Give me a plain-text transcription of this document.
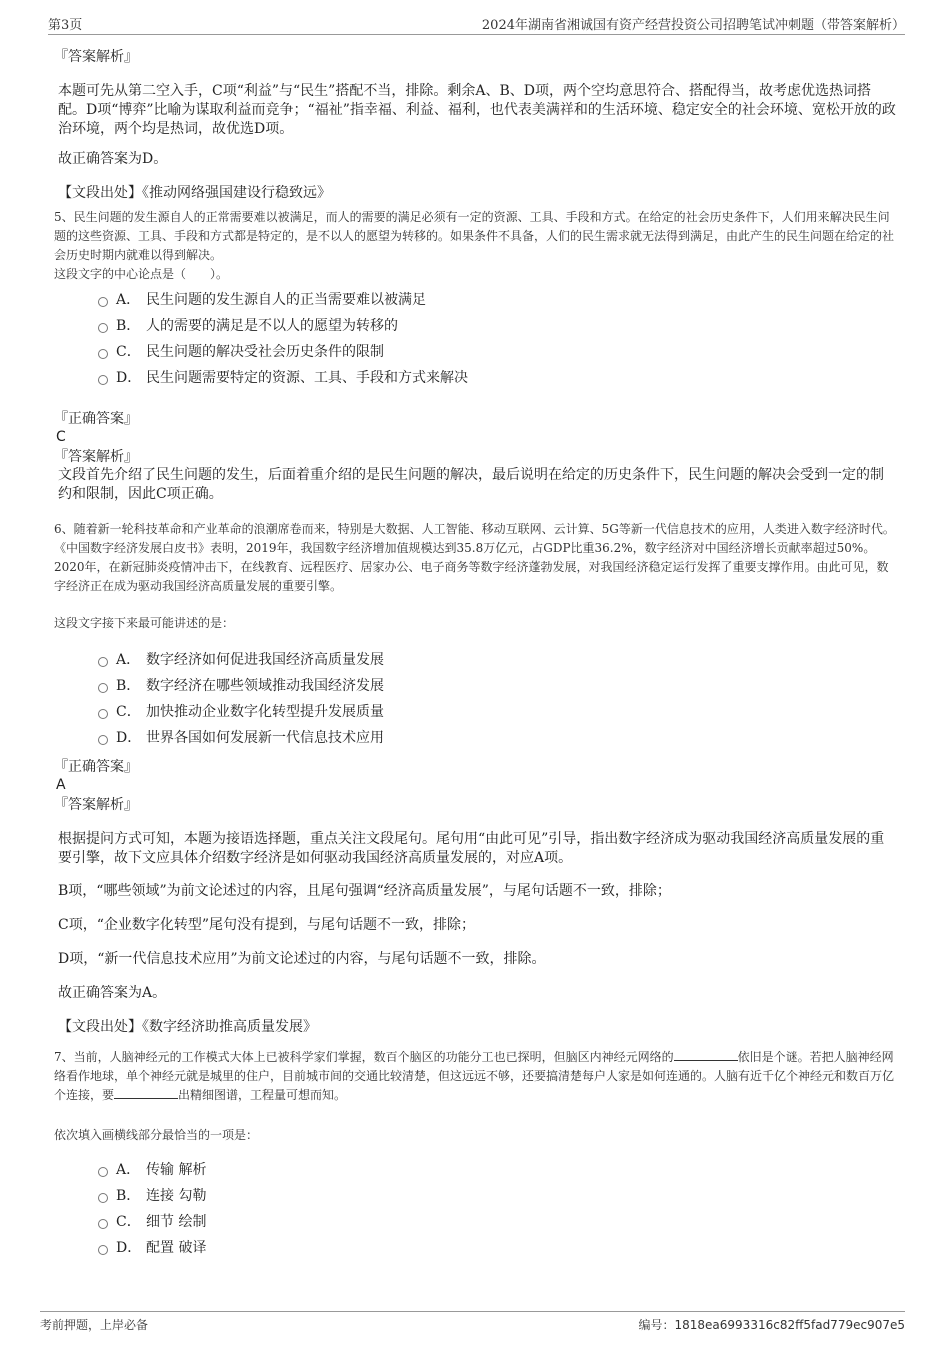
第3页	2024年湖南省湘诚国有资产经营投资公司招聘笔试冲刺题（带答案解析）

『答案解析』

本题可先从第二空入手，C项“利益”与“民生”搭配不当，排除。剩余A、B、D项，两个空均意思符合、搭配得当，故考虑优选热词搭配。D项“博弈”比喻为谋取利益而竞争；“福祉”指幸福、利益、福利，也代表美满祥和的生活环境、稳定安全的社会环境、宽松开放的政治环境，两个均是热词，故优选D项。

故正确答案为D。

【文段出处】《推动网络强国建设行稳致远》

5、民生问题的发生源自人的正常需要难以被满足，而人的需要的满足必须有一定的资源、工具、手段和方式。在给定的社会历史条件下，人们用来解决民生问题的这些资源、工具、手段和方式都是特定的，是不以人的愿望为转移的。如果条件不具备，人们的民生需求就无法得到满足，由此产生的民生问题在给定的社会历史时期内就难以得到解决。

这段文字的中心论点是（　　）。

A． 民生问题的发生源自人的正当需要难以被满足
B． 人的需要的满足是不以人的愿望为转移的
C． 民生问题的解决受社会历史条件的限制
D． 民生问题需要特定的资源、工具、手段和方式来解决

『正确答案』

C

『答案解析』

文段首先介绍了民生问题的发生，后面着重介绍的是民生问题的解决，最后说明在给定的历史条件下，民生问题的解决会受到一定的制约和限制，因此C项正确。

6、随着新一轮科技革命和产业革命的浪潮席卷而来，特别是大数据、人工智能、移动互联网、云计算、5G等新一代信息技术的应用，人类进入数字经济时代。《中国数字经济发展白皮书》表明，2019年，我国数字经济增加值规模达到35.8万亿元，占GDP比重36.2%，数字经济对中国经济增长贡献率超过50%。2020年，在新冠肺炎疫情冲击下，在线教育、远程医疗、居家办公、电子商务等数字经济蓬勃发展，对我国经济稳定运行发挥了重要支撑作用。由此可见，数字经济正在成为驱动我国经济高质量发展的重要引擎。

这段文字接下来最可能讲述的是：

A． 数字经济如何促进我国经济高质量发展
B． 数字经济在哪些领域推动我国经济发展
C． 加快推动企业数字化转型提升发展质量
D． 世界各国如何发展新一代信息技术应用

『正确答案』

A

『答案解析』

根据提问方式可知，本题为接语选择题，重点关注文段尾句。尾句用“由此可见”引导，指出数字经济成为驱动我国经济高质量发展的重要引擎，故下文应具体介绍数字经济是如何驱动我国经济高质量发展的，对应A项。

B项，“哪些领域”为前文论述过的内容，且尾句强调“经济高质量发展”，与尾句话题不一致，排除；

C项，“企业数字化转型”尾句没有提到，与尾句话题不一致，排除；

D项，“新一代信息技术应用”为前文论述过的内容，与尾句话题不一致，排除。

故正确答案为A。

【文段出处】《数字经济助推高质量发展》

7、当前，人脑神经元的工作模式大体上已被科学家们掌握，数百个脑区的功能分工也已探明，但脑区内神经元网络的	依旧是个谜。若把人脑神经网络看作地球，单个神经元就是城里的住户，目前城市间的交通比较清楚，但这远远不够，还要搞清楚每户人家是如何连通的。人脑有近千亿个神经元和数百万亿个连接，要	出精细图谱，工程量可想而知。

依次填入画横线部分最恰当的一项是：

A． 传输 解析
B． 连接 勾勒
C． 细节 绘制
D． 配置 破译
考前押题，上岸必备	编号：1818ea6993316c82ff5fad779ec907e5
